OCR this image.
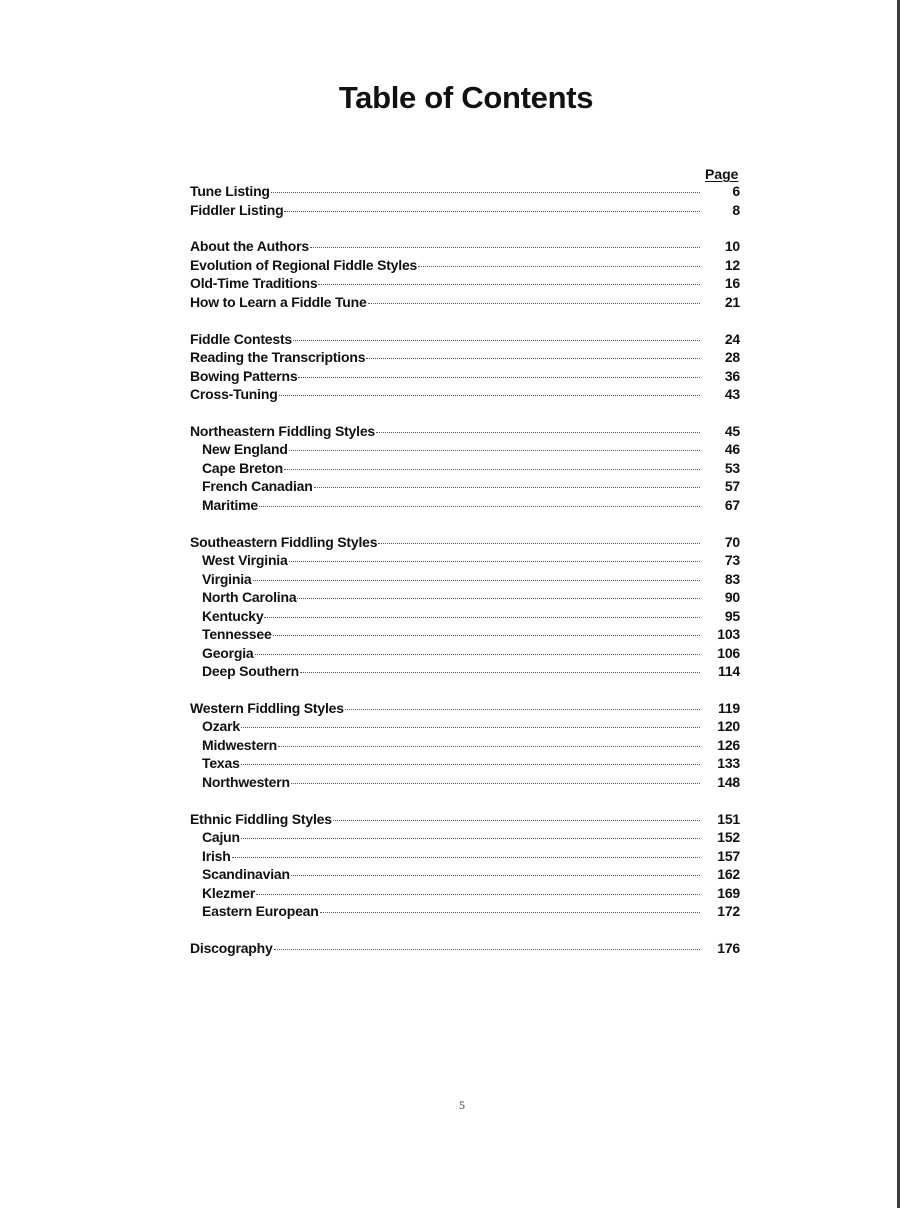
Table of Contents
Page
Tune Listing	6
Fiddler Listing	8
About the Authors	10
Evolution of Regional Fiddle Styles	12
Old-Time Traditions	16
How to Learn a Fiddle Tune	21
Fiddle Contests	24
Reading the Transcriptions	28
Bowing Patterns	36
Cross-Tuning	43
Northeastern Fiddling Styles	45
New England	46
Cape Breton	53
French Canadian	57
Maritime	67
Southeastern Fiddling Styles	70
West Virginia	73
Virginia	83
North Carolina	90
Kentucky	95
Tennessee	103
Georgia	106
Deep Southern	114
Western Fiddling Styles	119
Ozark	120
Midwestern	126
Texas	133
Northwestern	148
Ethnic Fiddling Styles	151
Cajun	152
Irish	157
Scandinavian	162
Klezmer	169
Eastern European	172
Discography	176
5
